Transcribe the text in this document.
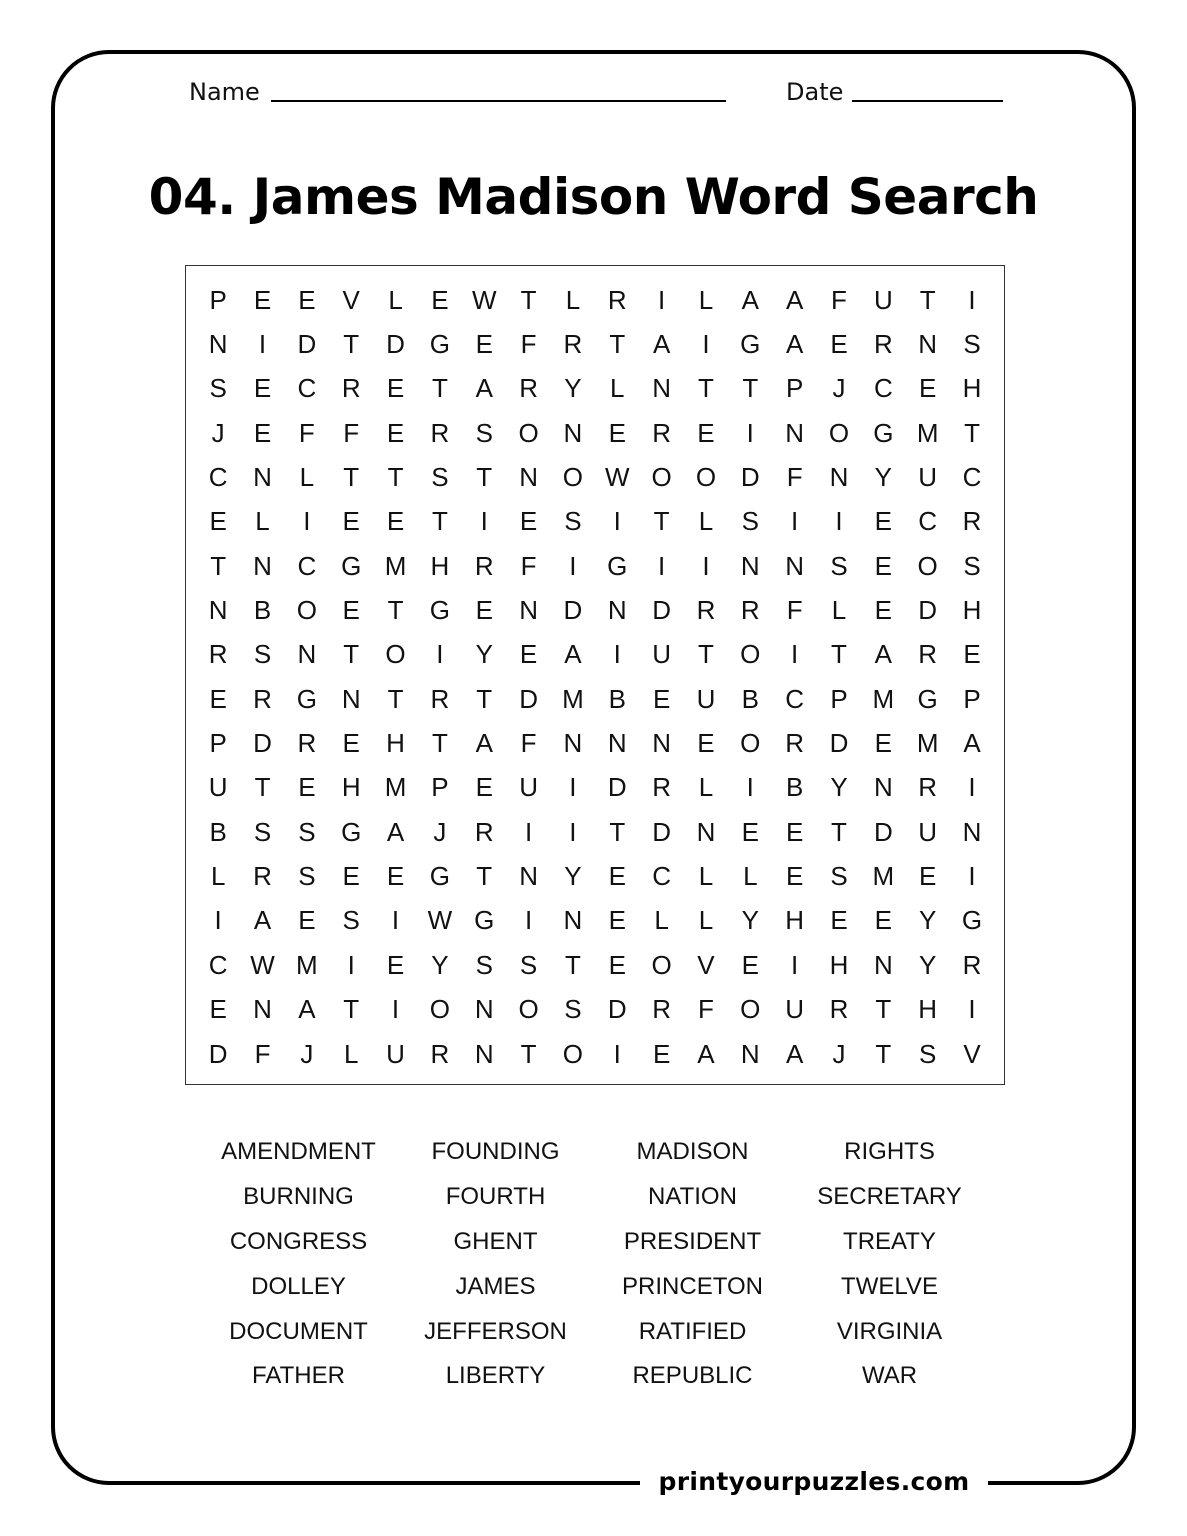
Name	Date
04. James Madison Word Search
P	E	E	V	L	E W T	L	R	I	L	A	A	F	U	T	I
N	I	D	T	D G E	F	R	T	A	I	G A	E	R N	S
S	E	C R	E	T	A	R	Y	L	N	T	T	P	J	C	E	H
J	E	F	F	E	R	S O N	E	R	E	I	N O G M T
C N	L	T	T	S	T	N O W O O D	F	N	Y	U C
E	L	I	E	E	T	I	E	S	I	T	L	S	I	I	E	C R
T	N C G M H R	F	I	G	I	I	N N	S	E O S
N	B O E	T	G E	N D N D R R	F	L	E	D H
R	S	N	T	O	I	Y	E	A	I	U	T	O	I	T	A	R	E
E	R G N	T	R	T	D M B	E	U	B	C	P M G P
P	D R	E	H	T	A	F	N N N	E O R D	E M A
U	T	E	H M P	E	U	I	D R	L	I	B	Y	N R	I
B	S	S G A	J	R	I	I	T	D N	E	E	T	D U N
L	R	S	E	E G	T	N	Y	E	C	L	L	E	S M E	I
I	A	E	S	I	W G	I	N	E	L	L	Y	H	E	E	Y G
C W M	I	E	Y	S	S	T	E O V	E	I	H N	Y	R
E	N	A	T	I	O N O S	D R	F	O U R	T	H	I
D	F	J	L	U R N	T	O	I	E	A	N	A	J	T	S	V
AMENDMENT	FOUNDING	MADISON	RIGHTS
BURNING	FOURTH	NATION	SECRETARY
CONGRESS	GHENT	PRESIDENT	TREATY
DOLLEY	JAMES	PRINCETON	TWELVE
DOCUMENT	JEFFERSON	RATIFIED	VIRGINIA
FATHER	LIBERTY	REPUBLIC	WAR
printyourpuzzles.com
